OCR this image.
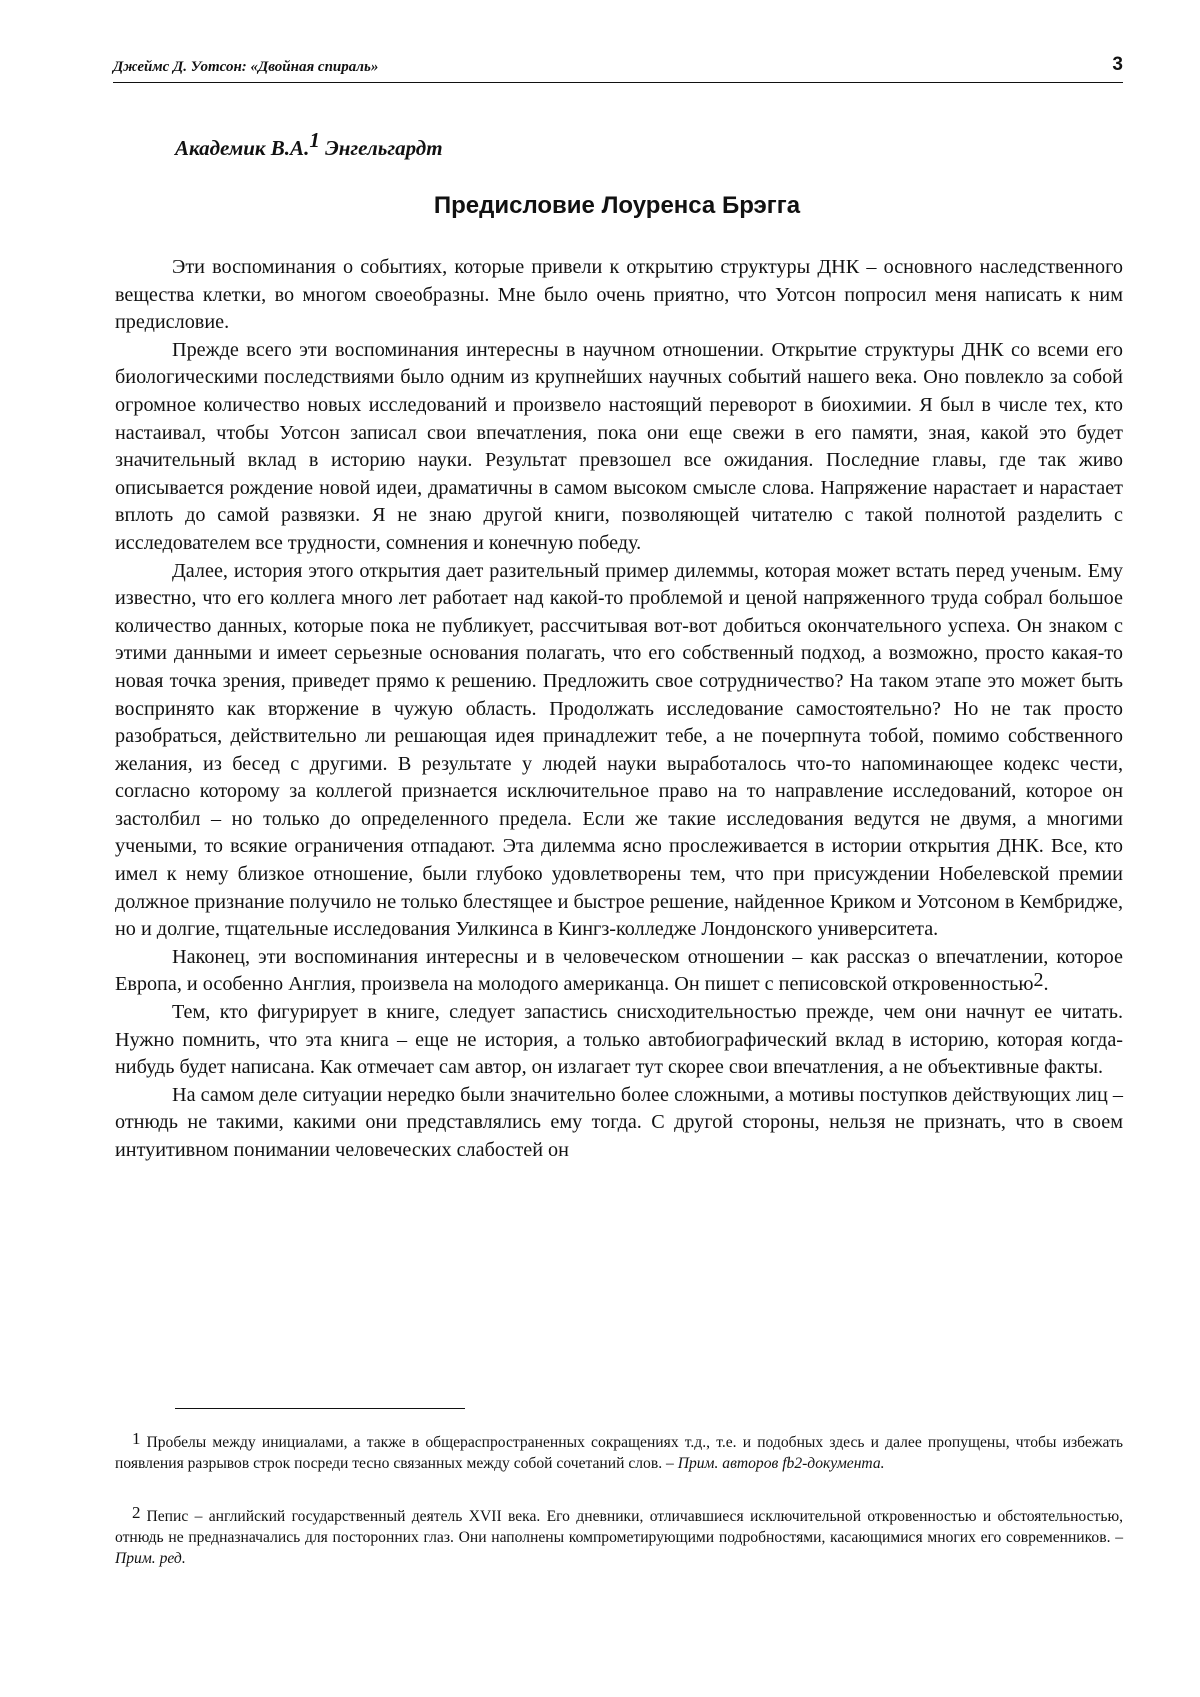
Джеймс Д. Уотсон: «Двойная спираль»	3
Академик В.А.$^1$ Энгельгардт
Предисловие Лоуренса Брэгга

Эти воспоминания о событиях, которые привели к открытию структуры ДНК – основного наследственного вещества клетки, во многом своеобразны. Мне было очень приятно, что Уотсон попросил меня написать к ним предисловие.

Прежде всего эти воспоминания интересны в научном отношении. Открытие структуры ДНК со всеми его биологическими последствиями было одним из крупнейших научных событий нашего века. Оно повлекло за собой огромное количество новых исследований и произвело настоящий переворот в биохимии. Я был в числе тех, кто настаивал, чтобы Уотсон записал свои впечатления, пока они еще свежи в его памяти, зная, какой это будет значительный вклад в историю науки. Результат превзошел все ожидания. Последние главы, где так живо описывается рождение новой идеи, драматичны в самом высоком смысле слова. Напряжение нарастает и нарастает вплоть до самой развязки. Я не знаю другой книги, позволяющей читателю с такой полнотой разделить с исследователем все трудности, сомнения и конечную победу.

Далее, история этого открытия дает разительный пример дилеммы, которая может встать перед ученым. Ему известно, что его коллега много лет работает над какой-то проблемой и ценой напряженного труда собрал большое количество данных, которые пока не публикует, рассчитывая вот-вот добиться окончательного успеха. Он знаком с этими данными и имеет серьезные основания полагать, что его собственный подход, а возможно, просто какая-то новая точка зрения, приведет прямо к решению. Предложить свое сотрудничество? На таком этапе это может быть воспринято как вторжение в чужую область. Продолжать исследование самостоятельно? Но не так просто разобраться, действительно ли решающая идея принадлежит тебе, а не почерпнута тобой, помимо собственного желания, из бесед с другими. В результате у людей науки выработалось что-то напоминающее кодекс чести, согласно которому за коллегой признается исключительное право на то направление исследований, которое он застолбил – но только до определенного предела. Если же такие исследования ведутся не двумя, а многими учеными, то всякие ограничения отпадают. Эта дилемма ясно прослеживается в истории открытия ДНК. Все, кто имел к нему близкое отношение, были глубоко удовлетворены тем, что при присуждении Нобелевской премии должное признание получило не только блестящее и быстрое решение, найденное Криком и Уотсоном в Кембридже, но и долгие, тщательные исследования Уилкинса в Кингз-колледже Лондонского университета.

Наконец, эти воспоминания интересны и в человеческом отношении – как рассказ о впечатлении, которое Европа, и особенно Англия, произвела на молодого американца. Он пишет с пеписовской откровенностью$^2$.

Тем, кто фигурирует в книге, следует запастись снисходительностью прежде, чем они начнут ее читать. Нужно помнить, что эта книга – еще не история, а только автобиографический вклад в историю, которая когда-нибудь будет написана. Как отмечает сам автор, он излагает тут скорее свои впечатления, а не объективные факты.

На самом деле ситуации нередко были значительно более сложными, а мотивы поступков действующих лиц – отнюдь не такими, какими они представлялись ему тогда. С другой стороны, нельзя не признать, что в своем интуитивном понимании человеческих слабостей он

1 Пробелы между инициалами, а также в общераспространенных сокращениях т.д., т.е. и подобных здесь и далее пропущены, чтобы избежать появления разрывов строк посреди тесно связанных между собой сочетаний слов. – Прим. авторов fb2-документа.

2 Пепис – английский государственный деятель XVII века. Его дневники, отличавшиеся исключительной откровенностью и обстоятельностью, отнюдь не предназначались для посторонних глаз. Они наполнены компрометирующими подробностями, касающимися многих его современников. – Прим. ред.
